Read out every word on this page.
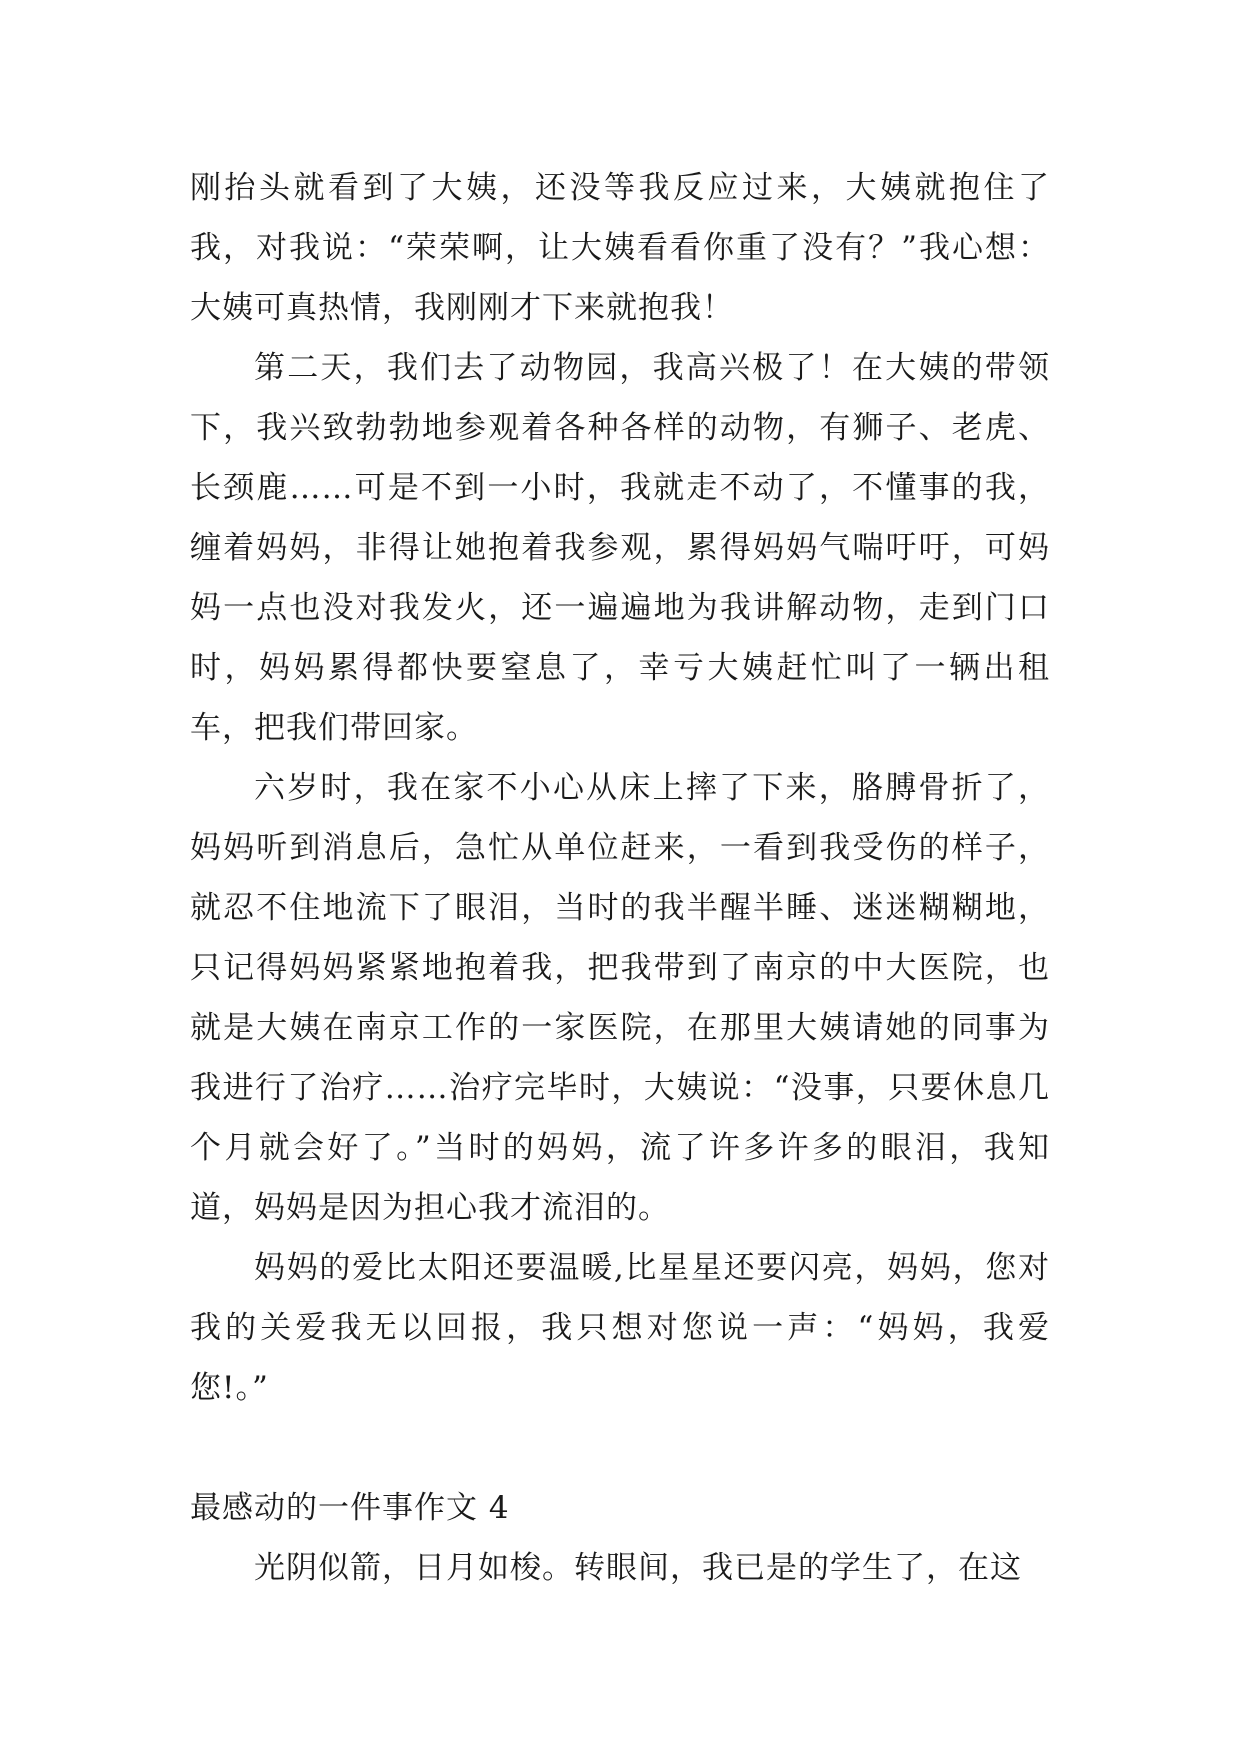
刚抬头就看到了大姨，还没等我反应过来，大姨就抱住了我，对我说：“荣荣啊，让大姨看看你重了没有？”我心想：大姨可真热情，我刚刚才下来就抱我！

第二天，我们去了动物园，我高兴极了！在大姨的带领下，我兴致勃勃地参观着各种各样的动物，有狮子、老虎、长颈鹿……可是不到一小时，我就走不动了，不懂事的我，缠着妈妈，非得让她抱着我参观，累得妈妈气喘吁吁，可妈妈一点也没对我发火，还一遍遍地为我讲解动物，走到门口时，妈妈累得都快要窒息了，幸亏大姨赶忙叫了一辆出租车，把我们带回家。

六岁时，我在家不小心从床上摔了下来，胳膊骨折了，妈妈听到消息后，急忙从单位赶来，一看到我受伤的样子，就忍不住地流下了眼泪，当时的我半醒半睡、迷迷糊糊地，只记得妈妈紧紧地抱着我，把我带到了南京的中大医院，也就是大姨在南京工作的一家医院，在那里大姨请她的同事为我进行了治疗……治疗完毕时，大姨说：“没事，只要休息几个月就会好了。”当时的妈妈，流了许多许多的眼泪，我知道，妈妈是因为担心我才流泪的。

妈妈的爱比太阳还要温暖,比星星还要闪亮，妈妈，您对我的关爱我无以回报，我只想对您说一声：“妈妈，我爱您!。”

最感动的一件事作文 4

光阴似箭，日月如梭。转眼间，我已是的学生了，在这
